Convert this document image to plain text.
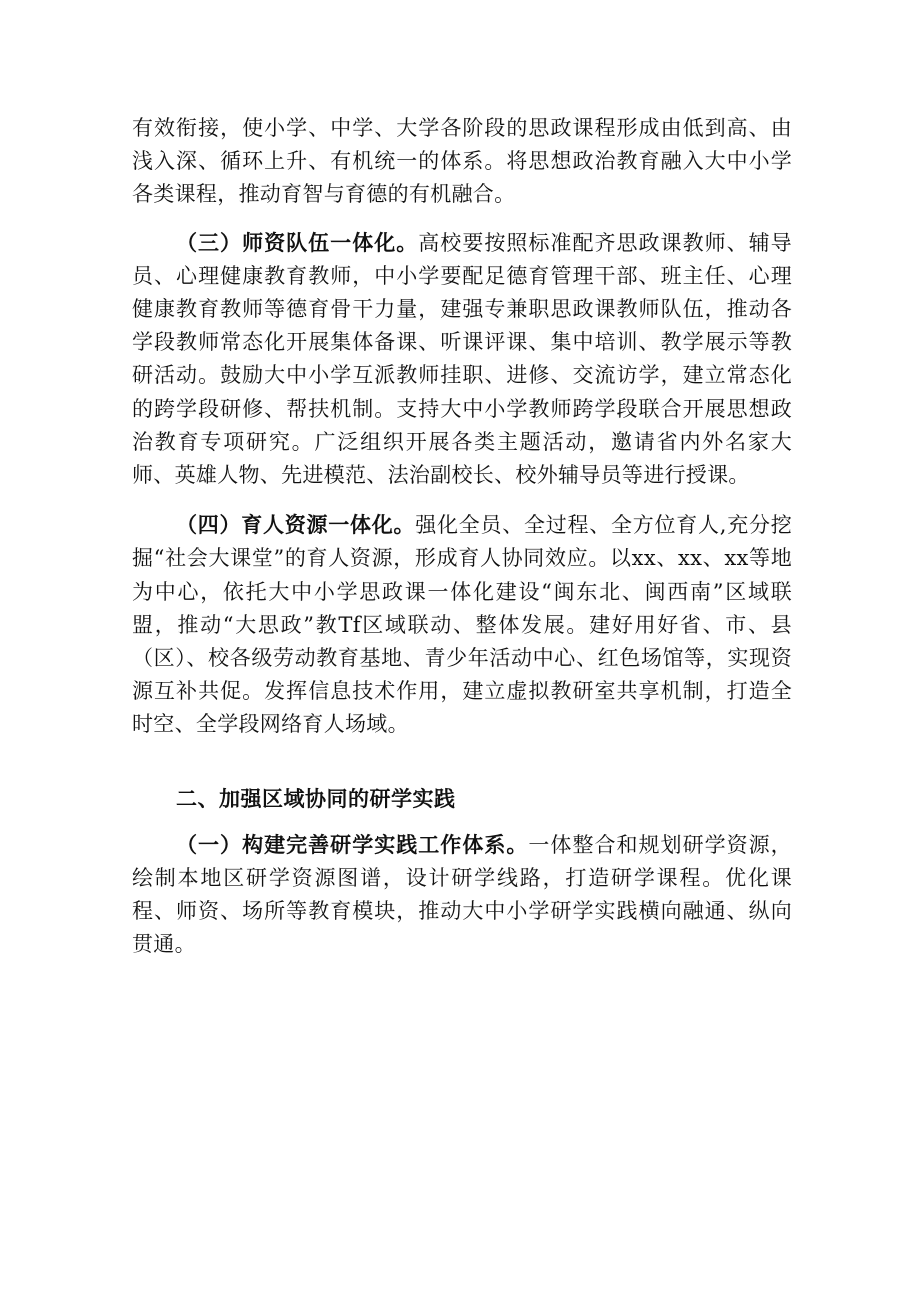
有效衔接，使小学、中学、大学各阶段的思政课程形成由低到高、由浅入深、循环上升、有机统一的体系。将思想政治教育融入大中小学各类课程，推动育智与育德的有机融合。

（三）师资队伍一体化。高校要按照标准配齐思政课教师、辅导员、心理健康教育教师，中小学要配足德育管理干部、班主任、心理健康教育教师等德育骨干力量，建强专兼职思政课教师队伍，推动各学段教师常态化开展集体备课、听课评课、集中培训、教学展示等教研活动。鼓励大中小学互派教师挂职、进修、交流访学，建立常态化的跨学段研修、帮扶机制。支持大中小学教师跨学段联合开展思想政治教育专项研究。广泛组织开展各类主题活动，邀请省内外名家大师、英雄人物、先进模范、法治副校长、校外辅导员等进行授课。

（四）育人资源一体化。强化全员、全过程、全方位育人,充分挖掘“社会大课堂”的育人资源，形成育人协同效应。以xx、xx、xx等地为中心，依托大中小学思政课一体化建设“闽东北、闽西南”区域联盟，推动“大思政”教Tf区域联动、整体发展。建好用好省、市、县（区）、校各级劳动教育基地、青少年活动中心、红色场馆等，实现资源互补共促。发挥信息技术作用，建立虚拟教研室共享机制，打造全时空、全学段网络育人场域。

二、加强区域协同的研学实践

（一）构建完善研学实践工作体系。一体整合和规划研学资源，绘制本地区研学资源图谱，设计研学线路，打造研学课程。优化课程、师资、场所等教育模块，推动大中小学研学实践横向融通、纵向贯通。
